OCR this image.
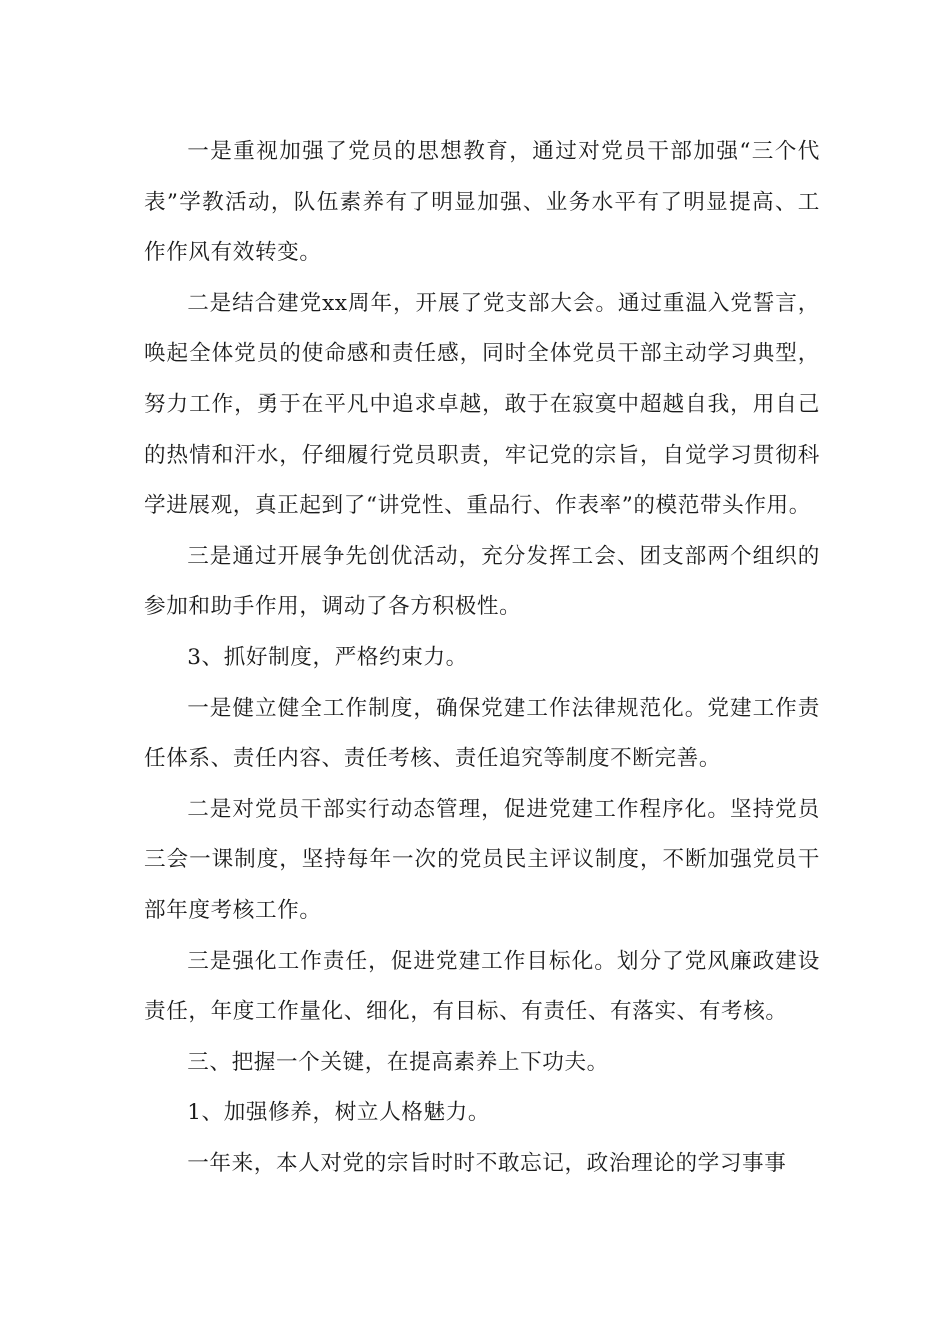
一是重视加强了党员的思想教育，通过对党员干部加强“三个代表”学教活动，队伍素养有了明显加强、业务水平有了明显提高、工作作风有效转变。

二是结合建党xx周年，开展了党支部大会。通过重温入党誓言，唤起全体党员的使命感和责任感，同时全体党员干部主动学习典型，努力工作，勇于在平凡中追求卓越，敢于在寂寞中超越自我，用自己的热情和汗水，仔细履行党员职责，牢记党的宗旨，自觉学习贯彻科学进展观，真正起到了“讲党性、重品行、作表率”的模范带头作用。

三是通过开展争先创优活动，充分发挥工会、团支部两个组织的参加和助手作用，调动了各方积极性。

3、抓好制度，严格约束力。

一是健立健全工作制度，确保党建工作法律规范化。党建工作责任体系、责任内容、责任考核、责任追究等制度不断完善。

二是对党员干部实行动态管理，促进党建工作程序化。坚持党员三会一课制度，坚持每年一次的党员民主评议制度，不断加强党员干部年度考核工作。

三是强化工作责任，促进党建工作目标化。划分了党风廉政建设责任，年度工作量化、细化，有目标、有责任、有落实、有考核。

三、把握一个关键，在提高素养上下功夫。

1、加强修养，树立人格魅力。

一年来，本人对党的宗旨时时不敢忘记，政治理论的学习事事
